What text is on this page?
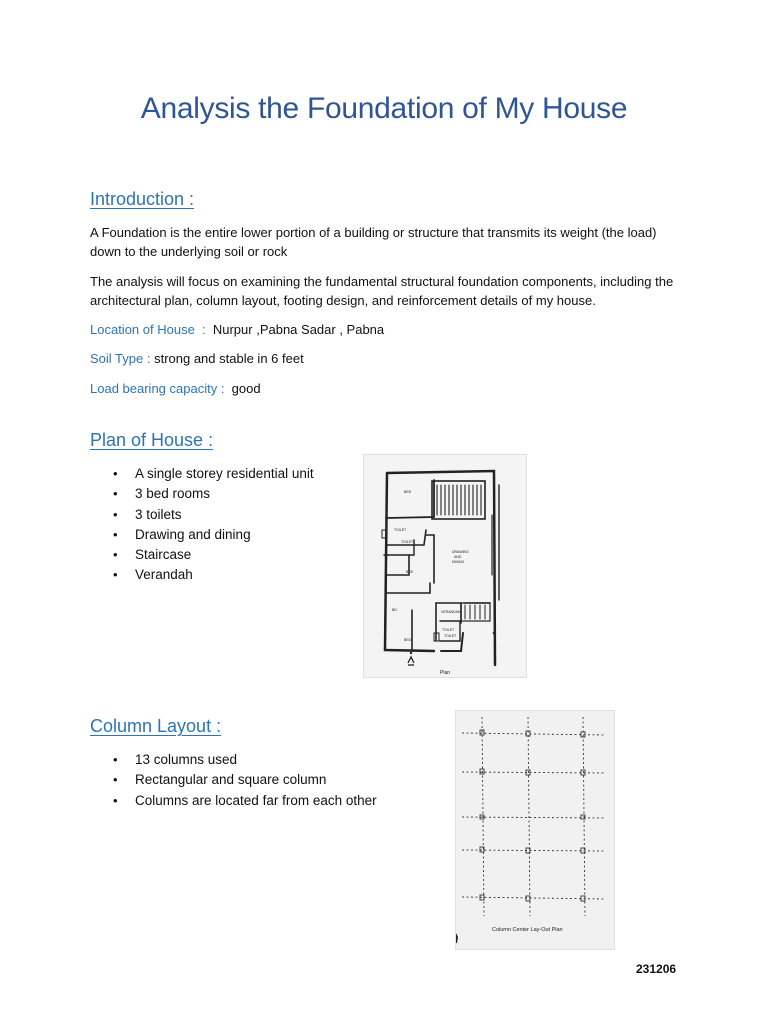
Analysis the Foundation of My House
Introduction :

A Foundation is the entire lower portion of a building or structure that transmits its weight (the load) down to the underlying soil or rock

The analysis will focus on examining the fundamental structural foundation components, including the architectural plan, column layout, footing design, and reinforcement details of my house.

Location of House  :  Nurpur ,Pabna Sadar , Pabna

Soil Type : strong and stable in 6 feet

Load bearing capacity :  good

Plan of House :
• A single storey residential unit
• 3 bed rooms
• 3 toilets
• Drawing and dining
• Staircase
• Verandah
BED
TOILET
TOILET
DRAWING
AND
DINING
BED
BD
BED
VERANDAH
TOILET
TOILET
Plan
Column Layout :
• 13 columns used
• Rectangular and square column
• Columns are located far from each other
Column Center Lay-Out Plan
231206
